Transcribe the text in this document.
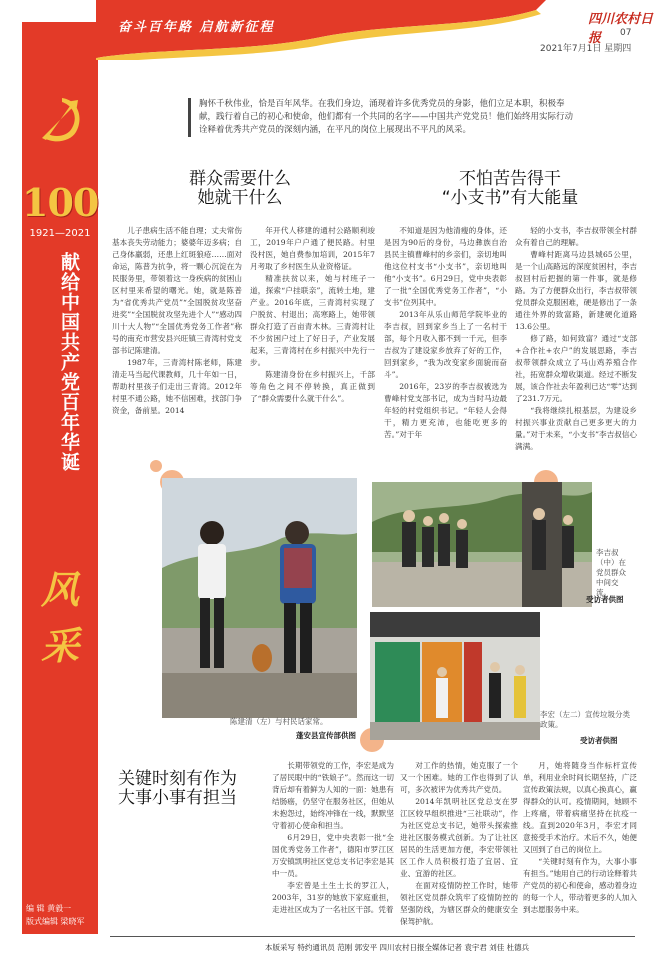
100
1921—2021
献给中国共产党百年华诞
风采
编 辑 黄毅一
版式编辑 梁晓军
奋斗百年路 启航新征程
四川农村日报	07
2021年7月1日 星期四
胸怀千秋伟业，恰是百年风华。在我们身边，涌现着许多优秀党员的身影，他们立足本职，积极奉献，践行着自己的初心和使命，他们都有一个共同的名字——中国共产党党员！他们始终用实际行动诠释着优秀共产党员的深刻内涵，在平凡的岗位上展现出不平凡的风采。
群众需要什么
她就干什么

儿子患病生活不能自理；丈夫常伤基本丧失劳动能力；婆婆年迈多病；自己身体羸弱，还患上红斑狼疮……面对命运，陈普为抗争，将一颗心沉淀在为民服务里，带领着这一身疾病的贫困山区村里来希望的曙光。她，就是陈普为“省优秀共产党员”“全国脱贫攻坚奋进奖”“全国脱贫攻坚先进个人”“感动四川十大人物”“全国优秀党务工作者”称号的南充市营安县兴旺镇三青湾村党支部书记陈建清。
1987年，三青湾村陈老师，陈建清走马当起代课教师，几十年如一日，帮助村里孩子们走出三青湾。2012年村里不通公路，她不信困难，找部门争资金，备前星。2014

年开代人移建的通村公路顺利竣工，2019年户户通了便民路。村里没村医，她自费参加培训，2015年7月考取了乡村医生从业资格证。
精准扶贫以来，她与村班子一道，探索“户挂联亲”，流转土地，建产业。2016年底，三青湾村实现了户脱贫、村退出；高寒路上，她带领群众打造了百亩青木林。三青湾村让不少贫困户过上了好日子，产业发展起来，三青湾村在乡村振兴中先行一步。
陈建清身份在乡村振兴上，千部等角色之间不停转换，真正做到了“群众需要什么就干什么”。

不怕苦告得干
“小支书”有大能量

不知道是因为他清瘦的身体，还是因为90后的身份，马边彝族自治县民主镇曹峰村的乡亲们，亲切地叫他这位村支书“小支书”，亲切地叫他“小支书”。6月29日，党中央表彰了一批“全国优秀党务工作者”，“小支书”位列其中。
2013年从乐山师范学院毕业的李吉叔，回到家乡当上了一名村干部，每个月收入都不到一千元，但李吉叔为了建设家乡放弃了好的工作，回到家乡，“我为改变家乡面貌而奋斗”。
2016年，23岁的李吉叔被选为曹峰村党支部书记，成为当时马边最年轻的村党组织书记。“年轻人会得干，精力更充沛，也能吃更多的苦。”对于年

轻的小支书，李吉叔带领全村群众有着自己的理解。
曹峰村距离马边县城65公里，是一个山高路远的深度贫困村，李吉叔回村后把握的第一件事，就是修路。为了方便群众出行，李吉叔带领党员群众克服困难，硬是修出了一条通往外界的致富路，新建硬化道路13.6公里。
修了路，如何致富？通过“支部+合作社+农户”的发展思路，李吉叔带领群众成立了马山鸡养殖合作社，拓宽群众增收渠道。经过不断发展，该合作社去年盈利已达“零”达到了231.7万元。
“我将继续扎根基层，为建设乡村振兴事业贡献自己更多更大的力量。”对于未来，“小支书”李吉叔信心满满。

陈建清（左）与村民话家常。
蓬安县宣传部供图
李吉叔（中）在党员群众中间交流。
受访者供图
李宏（左二）宣传垃圾分类政策。
受访者供图
关键时刻有作为
大事小事有担当

长期带领党的工作，李宏是成为了居民眼中的“铁娘子”。然而这一切背后却有着鲜为人知的一面：她患有结肠癌，仍坚守在服务社区，但她从未抱怨过，始终冲锋在一线，默默坚守着初心使命和担当。
6月29日，党中央表彰一批“全国优秀党务工作者”，德阳市罗江区万安镇凯明社区党总支书记李宏是其中一员。
李宏曾是土生土长的罗江人，2003年，31岁的她放下家庭重担，走进社区成为了一名社区干部。凭着

对工作的热情，她克服了一个又一个困难。她的工作也得到了认可，多次被评为优秀共产党员。
2014年凯明社区党总支在罗江区较早组织推进“三社联动”，作为社区党总支书记，她带头探索推进社区服务模式创新。为了让社区居民的生活更加方便，李宏带领社区工作人员积极打造了宜居、宜业、宜游的社区。
在面对疫情防控工作时，她带领社区党员群众筑牢了疫情防控的坚强防线，为辖区群众的健康安全保驾护航。

月，她将随身当作标杆宣传单，利用业余时间长期坚持，广泛宣传政策法规，以真心换真心，赢得群众的认可。疫情期间，她顾不上疼痛，带着病痛坚持在抗疫一线。直到2020年3月，李宏才同意接受手术治疗。术后不久，她便又回到了自己的岗位上。
“关键时刻有作为，大事小事有担当。”她用自己的行动诠释着共产党员的初心和使命，感动着身边的每一个人，带动着更多的人加入到志愿服务中来。

本版采写 特约通讯员 范刚 郭安平 四川农村日报全媒体记者 袁宇君 刘佳 杜德兵
